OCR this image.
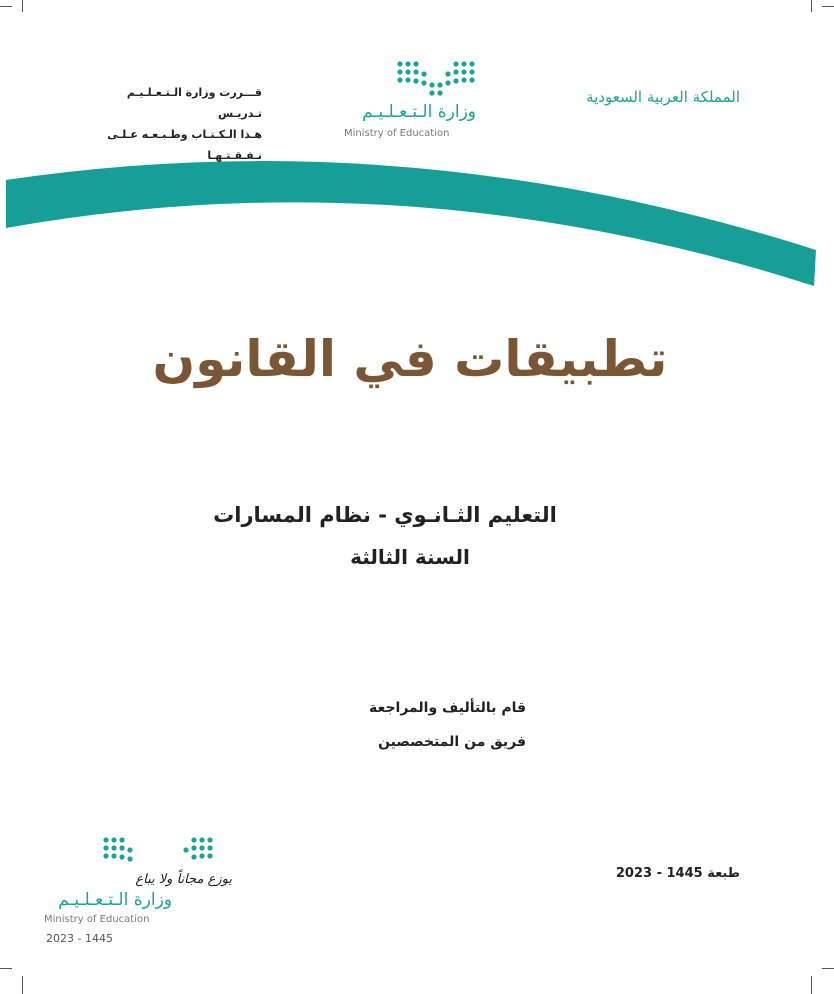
المملكة العربية السعودية
وزارة الـتـعـلـيـم
Ministry of Education
قـــررت وزارة الـتـعـلـيـم تـدريـس
هـذا الـكـتـاب وطـبـعـه عـلـى نـفـقـتـهـا
تطبيقات في القانون
التعليم الثـانـوي - نظام المسارات
السنة الثالثة
قام بالتأليف والمراجعة
فريق من المتخصصين
طبعة 1445 - 2023
يوزع مجاناً ولا يباع
وزارة الـتـعـلـيـم
Ministry of Education
2023 - 1445
